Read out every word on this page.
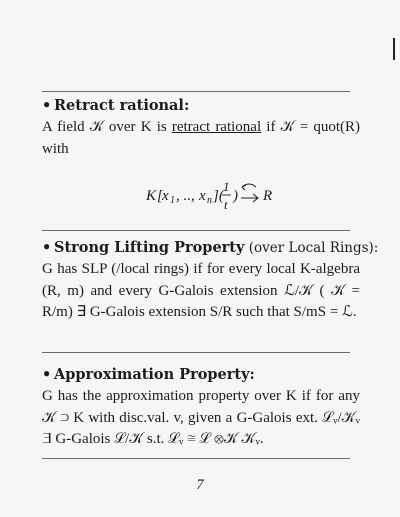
• Retract rational:

A field 𝒦 over K is retract rational if 𝒦 = quot(R) with

K [ x 1 , .., x n ](
1
t
) R

• Strong Lifting Property (over Local Rings):

G has SLP (/local rings) if for every local K-algebra (R, m) and every G-Galois extension ℒ/𝒦 ( 𝒦 = R/m) ∃ G-Galois extension S/R such that S/mS = ℒ.

• Approximation Property:

G has the approximation property over K if for any 𝒦 ⊃ K with disc.val. v, given a G-Galois ext. ℒᵥ/𝒦ᵥ ∃ G-Galois ℒ/𝒦 s.t. ℒᵥ ≅ ℒ ⊗𝒦 𝒦ᵥ.

7
